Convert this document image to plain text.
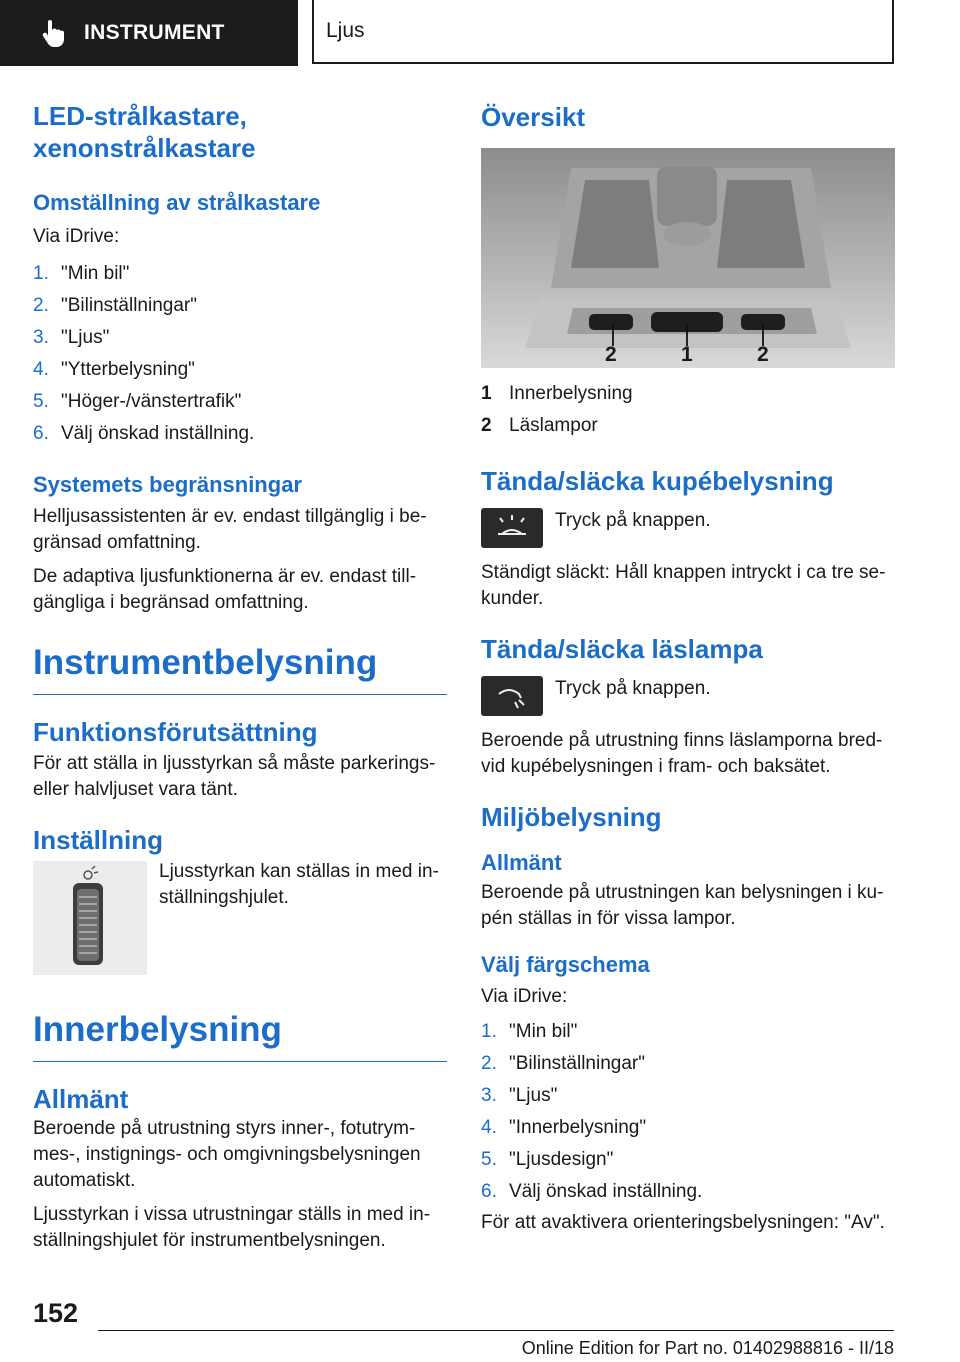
INSTRUMENT	Ljus
LED-strålkastare,
xenonstrålkastare
Omställning av strålkastare

Via iDrive:

1. "Min bil"
2. "Bilinställningar"
3. "Ljus"
4. "Ytterbelysning"
5. "Höger-/vänstertrafik"
6. Välj önskad inställning.
Systemets begränsningar

Helljusassistenten är ev. endast tillgänglig i be-
gränsad omfattning.

De adaptiva ljusfunktionerna är ev. endast till-
gängliga i begränsad omfattning.

Instrumentbelysning
Funktionsförutsättning

För att ställa in ljusstyrkan så måste parkerings-
eller halvljuset vara tänt.

Inställning

Ljusstyrkan kan ställas in med in-
ställningshjulet.

Innerbelysning
Allmänt

Beroende på utrustning styrs inner-, fotutrym-
mes-, instignings- och omgivningsbelysningen
automatiskt.

Ljusstyrkan i vissa utrustningar ställs in med in-
ställningshjulet för instrumentbelysningen.

Översikt
2	1	2
1 Innerbelysning
2 Läslampor
Tända/släcka kupébelysning

Tryck på knappen.

Ständigt släckt: Håll knappen intryckt i ca tre se-
kunder.

Tända/släcka läslampa

Tryck på knappen.

Beroende på utrustning finns läslamporna bred-
vid kupébelysningen i fram- och baksätet.

Miljöbelysning
Allmänt

Beroende på utrustningen kan belysningen i ku-
pén ställas in för vissa lampor.

Välj färgschema

Via iDrive:

1. "Min bil"
2. "Bilinställningar"
3. "Ljus"
4. "Innerbelysning"
5. "Ljusdesign"
6. Välj önskad inställning.

För att avaktivera orienteringsbelysningen: "Av".

152
Online Edition for Part no. 01402988816 - II/18
